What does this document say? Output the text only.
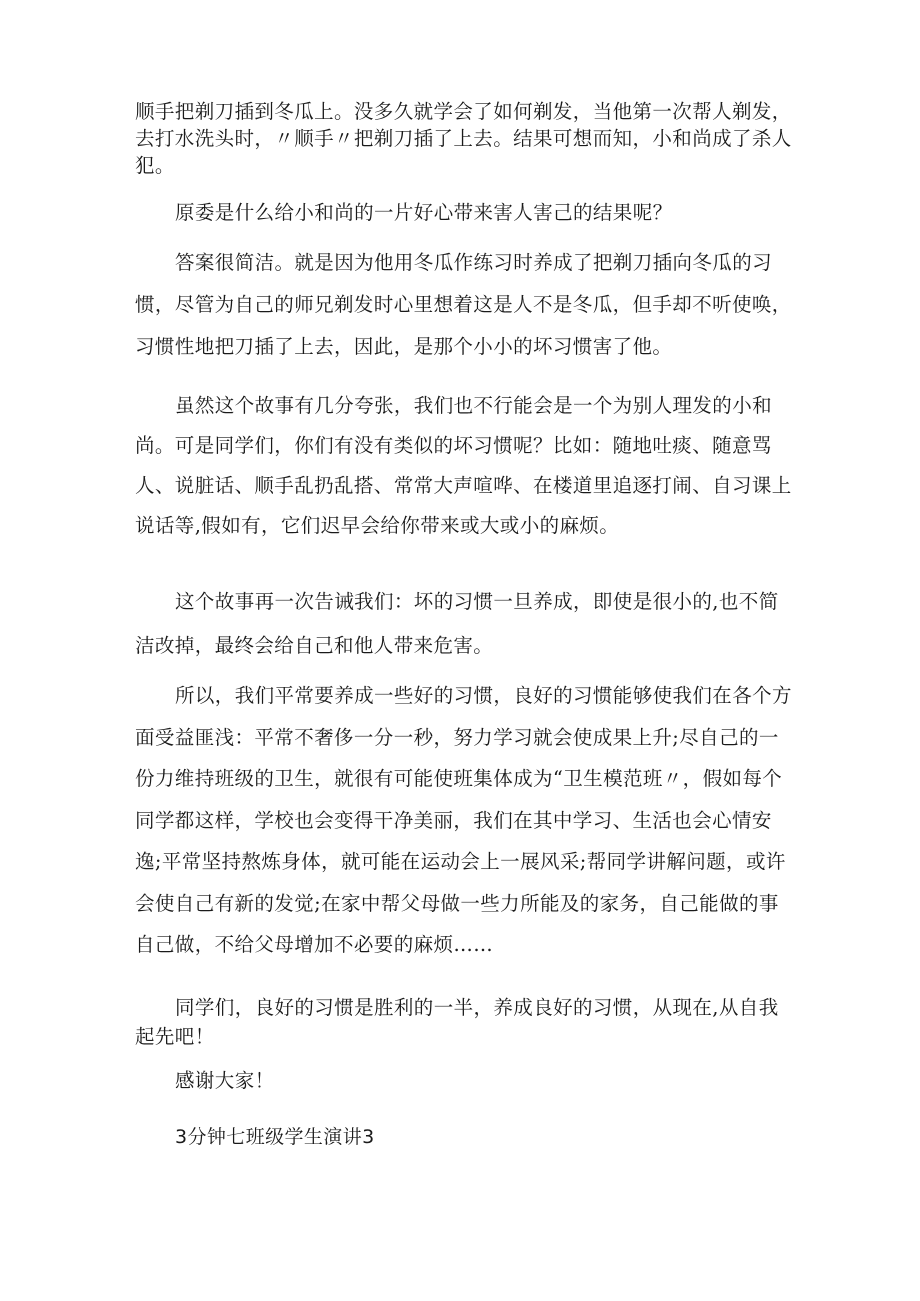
顺手把剃刀插到冬瓜上。没多久就学会了如何剃发，当他第一次帮人剃发，去打水洗头时，〃顺手〃把剃刀插了上去。结果可想而知，小和尚成了杀人犯。

原委是什么给小和尚的一片好心带来害人害己的结果呢？

答案很简洁。就是因为他用冬瓜作练习时养成了把剃刀插向冬瓜的习惯，尽管为自己的师兄剃发时心里想着这是人不是冬瓜，但手却不听使唤，习惯性地把刀插了上去，因此，是那个小小的坏习惯害了他。

虽然这个故事有几分夸张，我们也不行能会是一个为别人理发的小和尚。可是同学们，你们有没有类似的坏习惯呢？比如：随地吐痰、随意骂人、说脏话、顺手乱扔乱搭、常常大声喧哗、在楼道里追逐打闹、自习课上说话等,假如有，它们迟早会给你带来或大或小的麻烦。

这个故事再一次告诫我们：坏的习惯一旦养成，即使是很小的,也不简洁改掉，最终会给自己和他人带来危害。

所以，我们平常要养成一些好的习惯，良好的习惯能够使我们在各个方面受益匪浅：平常不奢侈一分一秒，努力学习就会使成果上升;尽自己的一份力维持班级的卫生，就很有可能使班集体成为“卫生模范班〃，假如每个同学都这样，学校也会变得干净美丽，我们在其中学习、生活也会心情安逸;平常坚持熬炼身体，就可能在运动会上一展风采;帮同学讲解问题，或许会使自己有新的发觉;在家中帮父母做一些力所能及的家务，自己能做的事自己做，不给父母增加不必要的麻烦……

同学们，良好的习惯是胜利的一半，养成良好的习惯，从现在,从自我起先吧！

感谢大家！

3分钟七班级学生演讲3
